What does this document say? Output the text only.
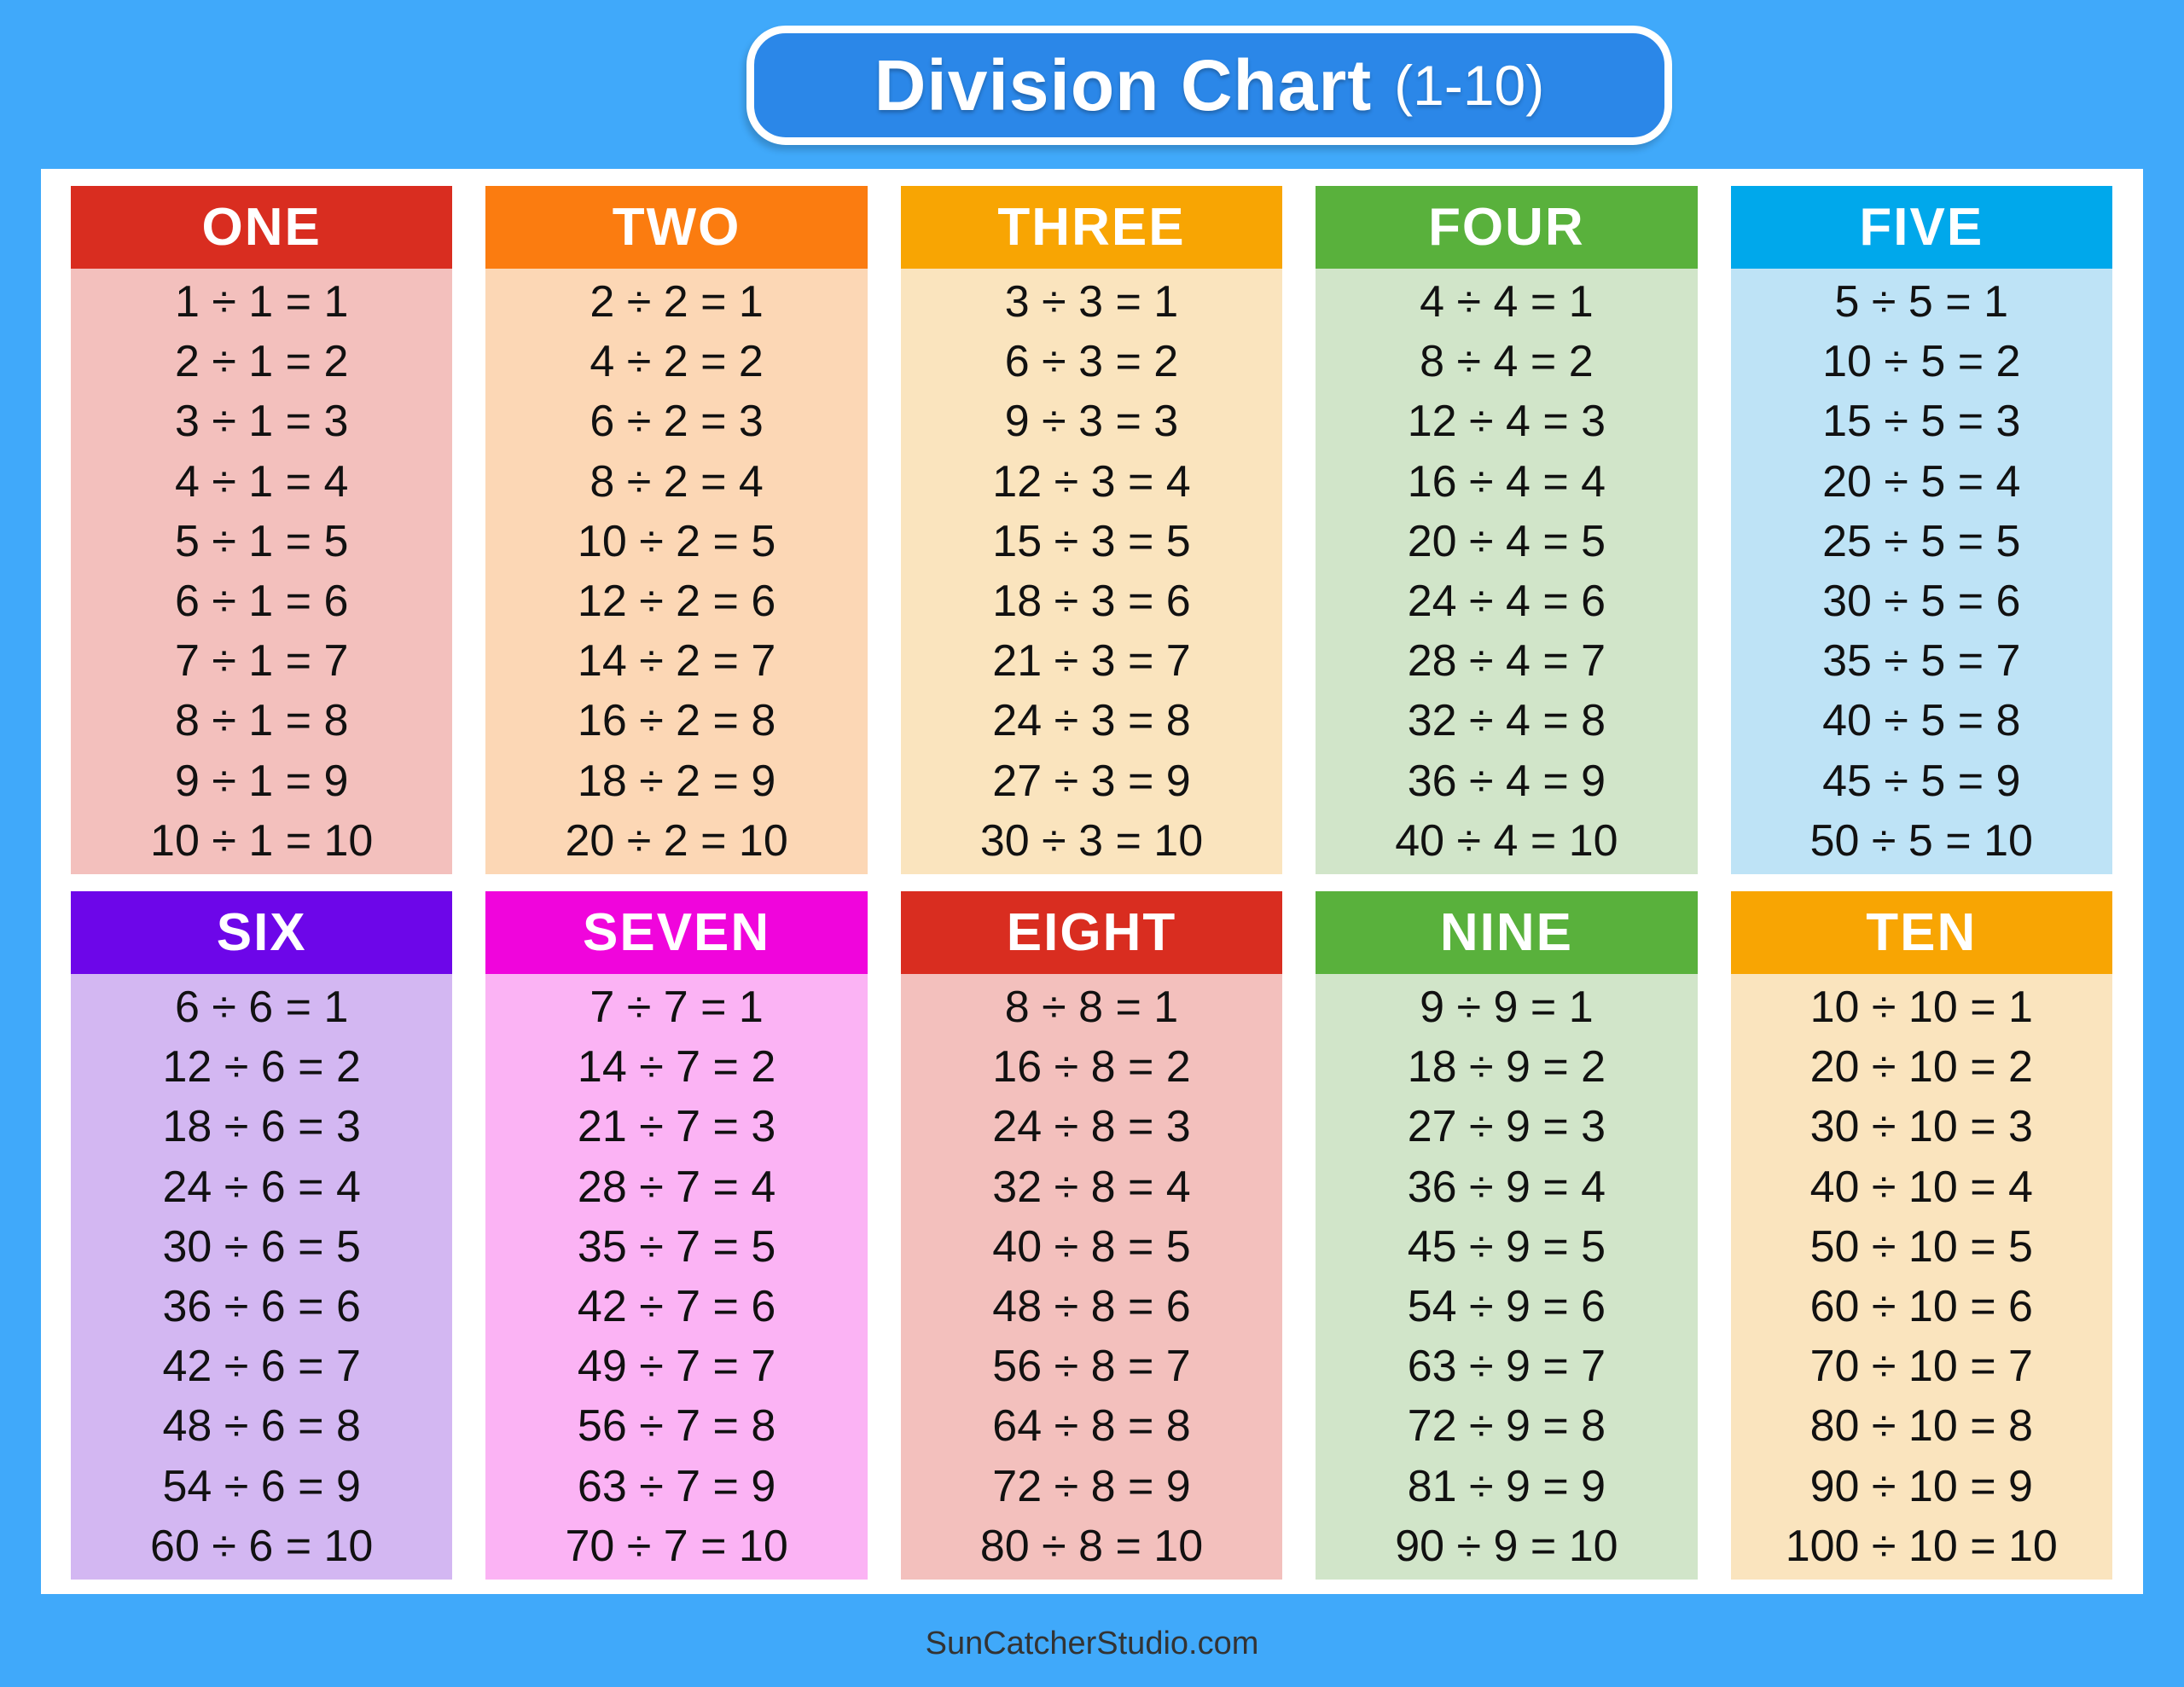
Division Chart (1-10)
ONE
1 ÷ 1 = 1
2 ÷ 1 = 2
3 ÷ 1 = 3
4 ÷ 1 = 4
5 ÷ 1 = 5
6 ÷ 1 = 6
7 ÷ 1 = 7
8 ÷ 1 = 8
9 ÷ 1 = 9
10 ÷ 1 = 10
TWO
2 ÷ 2 = 1
4 ÷ 2 = 2
6 ÷ 2 = 3
8 ÷ 2 = 4
10 ÷ 2 = 5
12 ÷ 2 = 6
14 ÷ 2 = 7
16 ÷ 2 = 8
18 ÷ 2 = 9
20 ÷ 2 = 10
THREE
3 ÷ 3 = 1
6 ÷ 3 = 2
9 ÷ 3 = 3
12 ÷ 3 = 4
15 ÷ 3 = 5
18 ÷ 3 = 6
21 ÷ 3 = 7
24 ÷ 3 = 8
27 ÷ 3 = 9
30 ÷ 3 = 10
FOUR
4 ÷ 4 = 1
8 ÷ 4 = 2
12 ÷ 4 = 3
16 ÷ 4 = 4
20 ÷ 4 = 5
24 ÷ 4 = 6
28 ÷ 4 = 7
32 ÷ 4 = 8
36 ÷ 4 = 9
40 ÷ 4 = 10
FIVE
5 ÷ 5 = 1
10 ÷ 5 = 2
15 ÷ 5 = 3
20 ÷ 5 = 4
25 ÷ 5 = 5
30 ÷ 5 = 6
35 ÷ 5 = 7
40 ÷ 5 = 8
45 ÷ 5 = 9
50 ÷ 5 = 10
SIX
6 ÷ 6 = 1
12 ÷ 6 = 2
18 ÷ 6 = 3
24 ÷ 6 = 4
30 ÷ 6 = 5
36 ÷ 6 = 6
42 ÷ 6 = 7
48 ÷ 6 = 8
54 ÷ 6 = 9
60 ÷ 6 = 10
SEVEN
7 ÷ 7 = 1
14 ÷ 7 = 2
21 ÷ 7 = 3
28 ÷ 7 = 4
35 ÷ 7 = 5
42 ÷ 7 = 6
49 ÷ 7 = 7
56 ÷ 7 = 8
63 ÷ 7 = 9
70 ÷ 7 = 10
EIGHT
8 ÷ 8 = 1
16 ÷ 8 = 2
24 ÷ 8 = 3
32 ÷ 8 = 4
40 ÷ 8 = 5
48 ÷ 8 = 6
56 ÷ 8 = 7
64 ÷ 8 = 8
72 ÷ 8 = 9
80 ÷ 8 = 10
NINE
9 ÷ 9 = 1
18 ÷ 9 = 2
27 ÷ 9 = 3
36 ÷ 9 = 4
45 ÷ 9 = 5
54 ÷ 9 = 6
63 ÷ 9 = 7
72 ÷ 9 = 8
81 ÷ 9 = 9
90 ÷ 9 = 10
TEN
10 ÷ 10 = 1
20 ÷ 10 = 2
30 ÷ 10 = 3
40 ÷ 10 = 4
50 ÷ 10 = 5
60 ÷ 10 = 6
70 ÷ 10 = 7
80 ÷ 10 = 8
90 ÷ 10 = 9
100 ÷ 10 = 10
SunCatcherStudio.com
